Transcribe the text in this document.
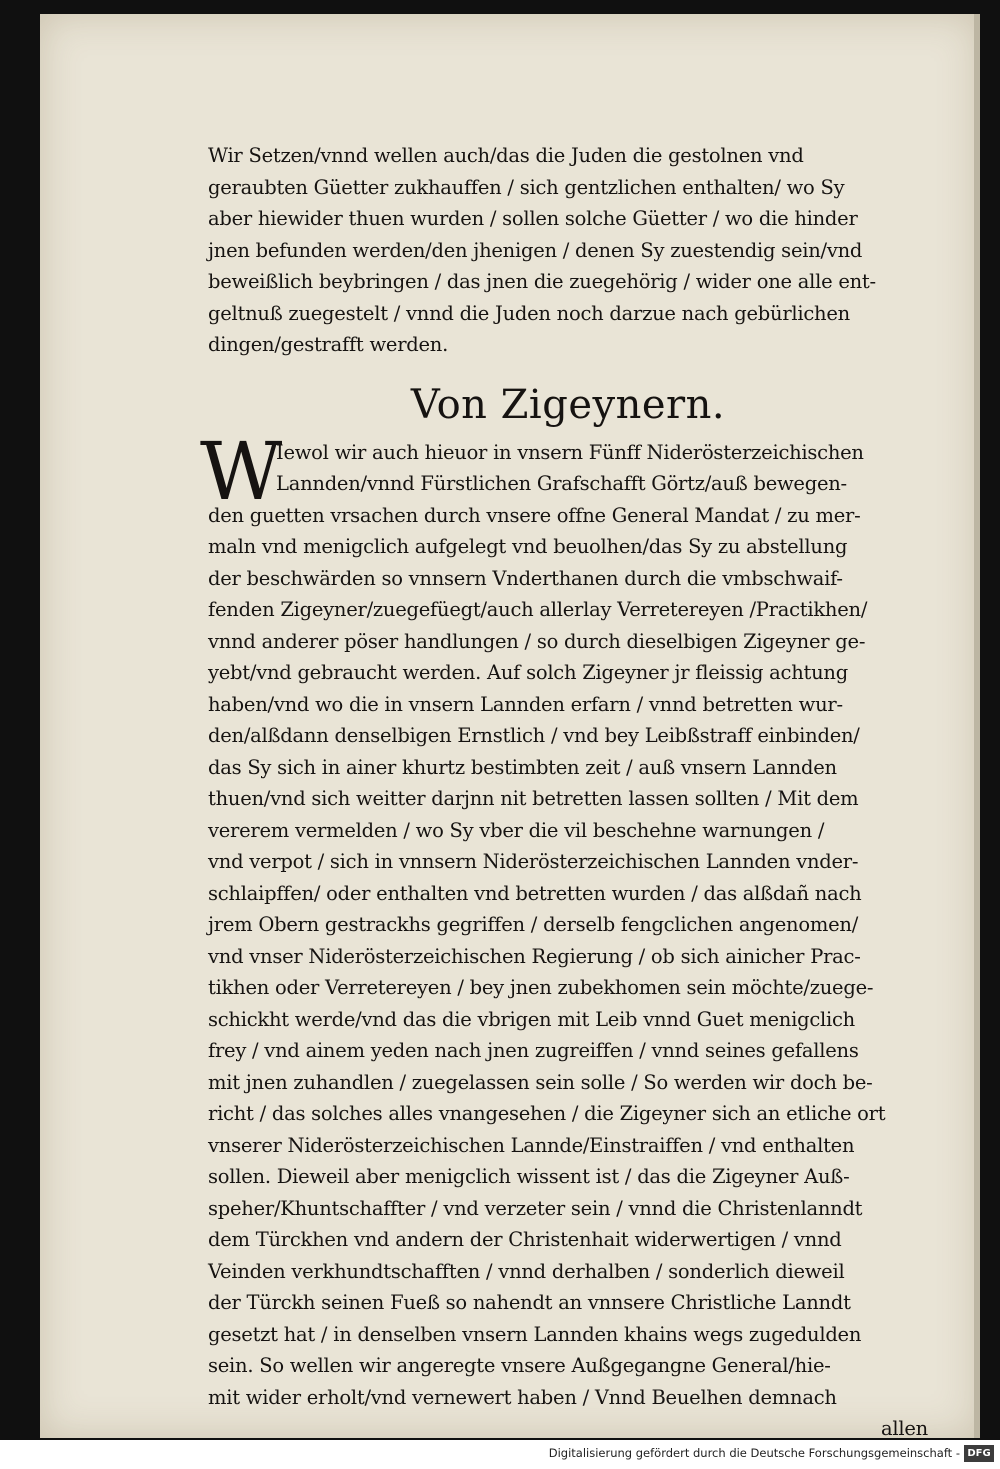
Wir Setzen/vnnd wellen auch/das die Juden die gestolnen vnd
geraubten Güetter zukhauffen / sich gentzlichen enthalten/ wo Sy
aber hiewider thuen wurden / sollen solche Güetter / wo die hinder
jnen befunden werden/den jhenigen / denen Sy zuestendig sein/vnd
beweißlich beybringen / das jnen die zuegehörig / wider one alle ent-
geltnuß zuegestelt / vnnd die Juden noch darzue nach gebürlichen
dingen/gestrafft werden.
Von Zigeynern.
W
Iewol wir auch hieuor in vnsern Fünff Niderösterzeichischen
Lannden/vnnd Fürstlichen Grafschafft Görtz/auß bewegen-
den guetten vrsachen durch vnsere offne General Mandat / zu mer-
maln vnd menigclich aufgelegt vnd beuolhen/das Sy zu abstellung
der beschwärden so vnnsern Vnderthanen durch die vmbschwaif-
fenden Zigeyner/zuegefüegt/auch allerlay Verretereyen /Practikhen/
vnnd anderer pöser handlungen / so durch dieselbigen Zigeyner ge-
yebt/vnd gebraucht werden. Auf solch Zigeyner jr fleissig achtung
haben/vnd wo die in vnsern Lannden erfarn / vnnd betretten wur-
den/alßdann denselbigen Ernstlich / vnd bey Leibßstraff einbinden/
das Sy sich in ainer khurtz bestimbten zeit / auß vnsern Lannden
thuen/vnd sich weitter darjnn nit betretten lassen sollten / Mit dem
vererem vermelden / wo Sy vber die vil beschehne warnungen /
vnd verpot / sich in vnnsern Niderösterzeichischen Lannden vnder-
schlaipffen/ oder enthalten vnd betretten wurden / das alßdañ nach
jrem Obern gestrackhs gegriffen / derselb fengclichen angenomen/
vnd vnser Niderösterzeichischen Regierung / ob sich ainicher Prac-
tikhen oder Verretereyen / bey jnen zubekhomen sein möchte/zuege-
schickht werde/vnd das die vbrigen mit Leib vnnd Guet menigclich
frey / vnd ainem yeden nach jnen zugreiffen / vnnd seines gefallens
mit jnen zuhandlen / zuegelassen sein solle / So werden wir doch be-
richt / das solches alles vnangesehen / die Zigeyner sich an etliche ort
vnserer Niderösterzeichischen Lannde/Einstraiffen / vnd enthalten
sollen. Dieweil aber menigclich wissent ist / das die Zigeyner Auß-
speher/Khuntschaffter / vnd verzeter sein / vnnd die Christenlanndt
dem Türckhen vnd andern der Christenhait widerwertigen / vnnd
Veinden verkhundtschafften / vnnd derhalben / sonderlich dieweil
der Türckh seinen Fueß so nahendt an vnnsere Christliche Lanndt
gesetzt hat / in denselben vnsern Lannden khains wegs zugedulden
sein. So wellen wir angeregte vnsere Außgegangne General/hie-
mit wider erholt/vnd vernewert haben / Vnnd Beuelhen demnach
allen
Digitalisierung gefördert durch die Deutsche Forschungsgemeinschaft - DFG
